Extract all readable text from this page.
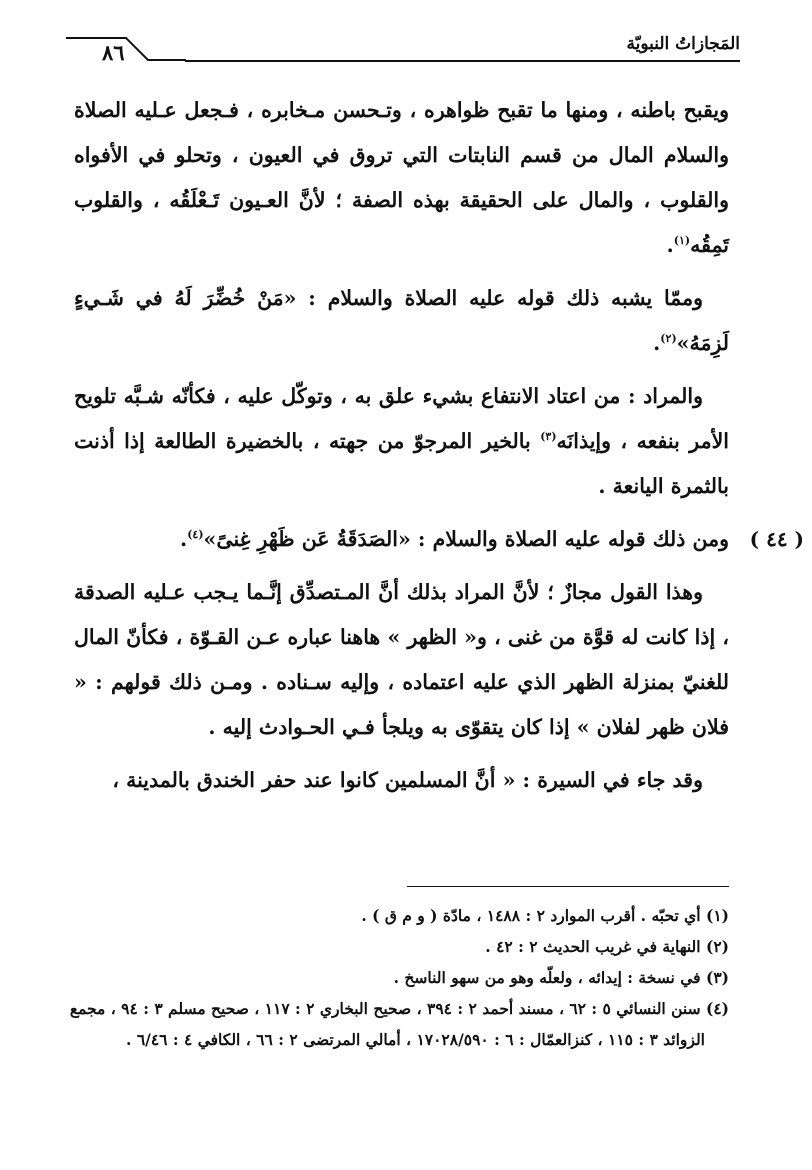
المَجازاتُ النبويّة
٨٦

ويقبح باطنه ، ومنها ما تقبح ظواهره ، وتـحسن مـخابره ، فـجعل عـليه الصلاة والسلام المال من قسم النابتات التي تروق في العيون ، وتحلو في الأفواه والقلوب ، والمال على الحقيقة بهذه الصفة ؛ لأنَّ العـيون تَـعْلَقُه ، والقلوب تَمِقُه$^{(١)}$.

وممّا يشبه ذلك قوله عليه الصلاة والسلام : «مَنْ خُضِّرَ لَهُ في شَـيءٍ لَزِمَهُ»$^{(٢)}$.

والمراد : من اعتاد الانتفاع بشيء علق به ، وتوكّل عليه ، فكأنّه شـبَّه تلويح الأمر بنفعه ، وإيذانَه$^{(٣)}$ بالخير المرجوّ من جهته ، بالخضيرة الطالعة إذا أذنت بالثمرة اليانعة .

( ٤٤ )
ومن ذلك قوله عليه الصلاة والسلام : «الصَدَقَةُ عَن ظَهْرِ غِنىً»$^{(٤)}$.

وهذا القول مجازٌ ؛ لأنَّ المراد بذلك أنَّ المـتصدِّق إنَّـما يـجب عـليه الصدقة ، إذا كانت له قوَّة من غنى ، و« الظهر » هاهنا عباره عـن القـوّة ، فكأنّ المال للغنيّ بمنزلة الظهر الذي عليه اعتماده ، وإليه سـناده . ومـن ذلك قولهم : « فلان ظهر لفلان » إذا كان يتقوّى به ويلجأ فـي الحـوادث إليه .

وقد جاء في السيرة : « أنَّ المسلمين كانوا عند حفر الخندق بالمدينة ،

(١) أي تحبّه . أقرب الموارد ٢ : ١٤٨٨ ، مادّة ( و م ق ) .

(٢) النهاية في غريب الحديث ٢ : ٤٢ .

(٣) في نسخة : إيدائه ، ولعلّه وهو من سهو الناسخ .

(٤) سنن النسائي ٥ : ٦٢ ، مسند أحمد ٢ : ٣٩٤ ، صحيح البخاري ٢ : ١١٧ ، صحيح مسلم ٣ : ٩٤ ، مجمع

الزوائد ٣ : ١١٥ ، كنزالعمّال : ٦ : ١٧٠٢٨/٥٩٠ ، أمالي المرتضى ٢ : ٦٦ ، الكافي ٤ : ٦/٤٦ .
